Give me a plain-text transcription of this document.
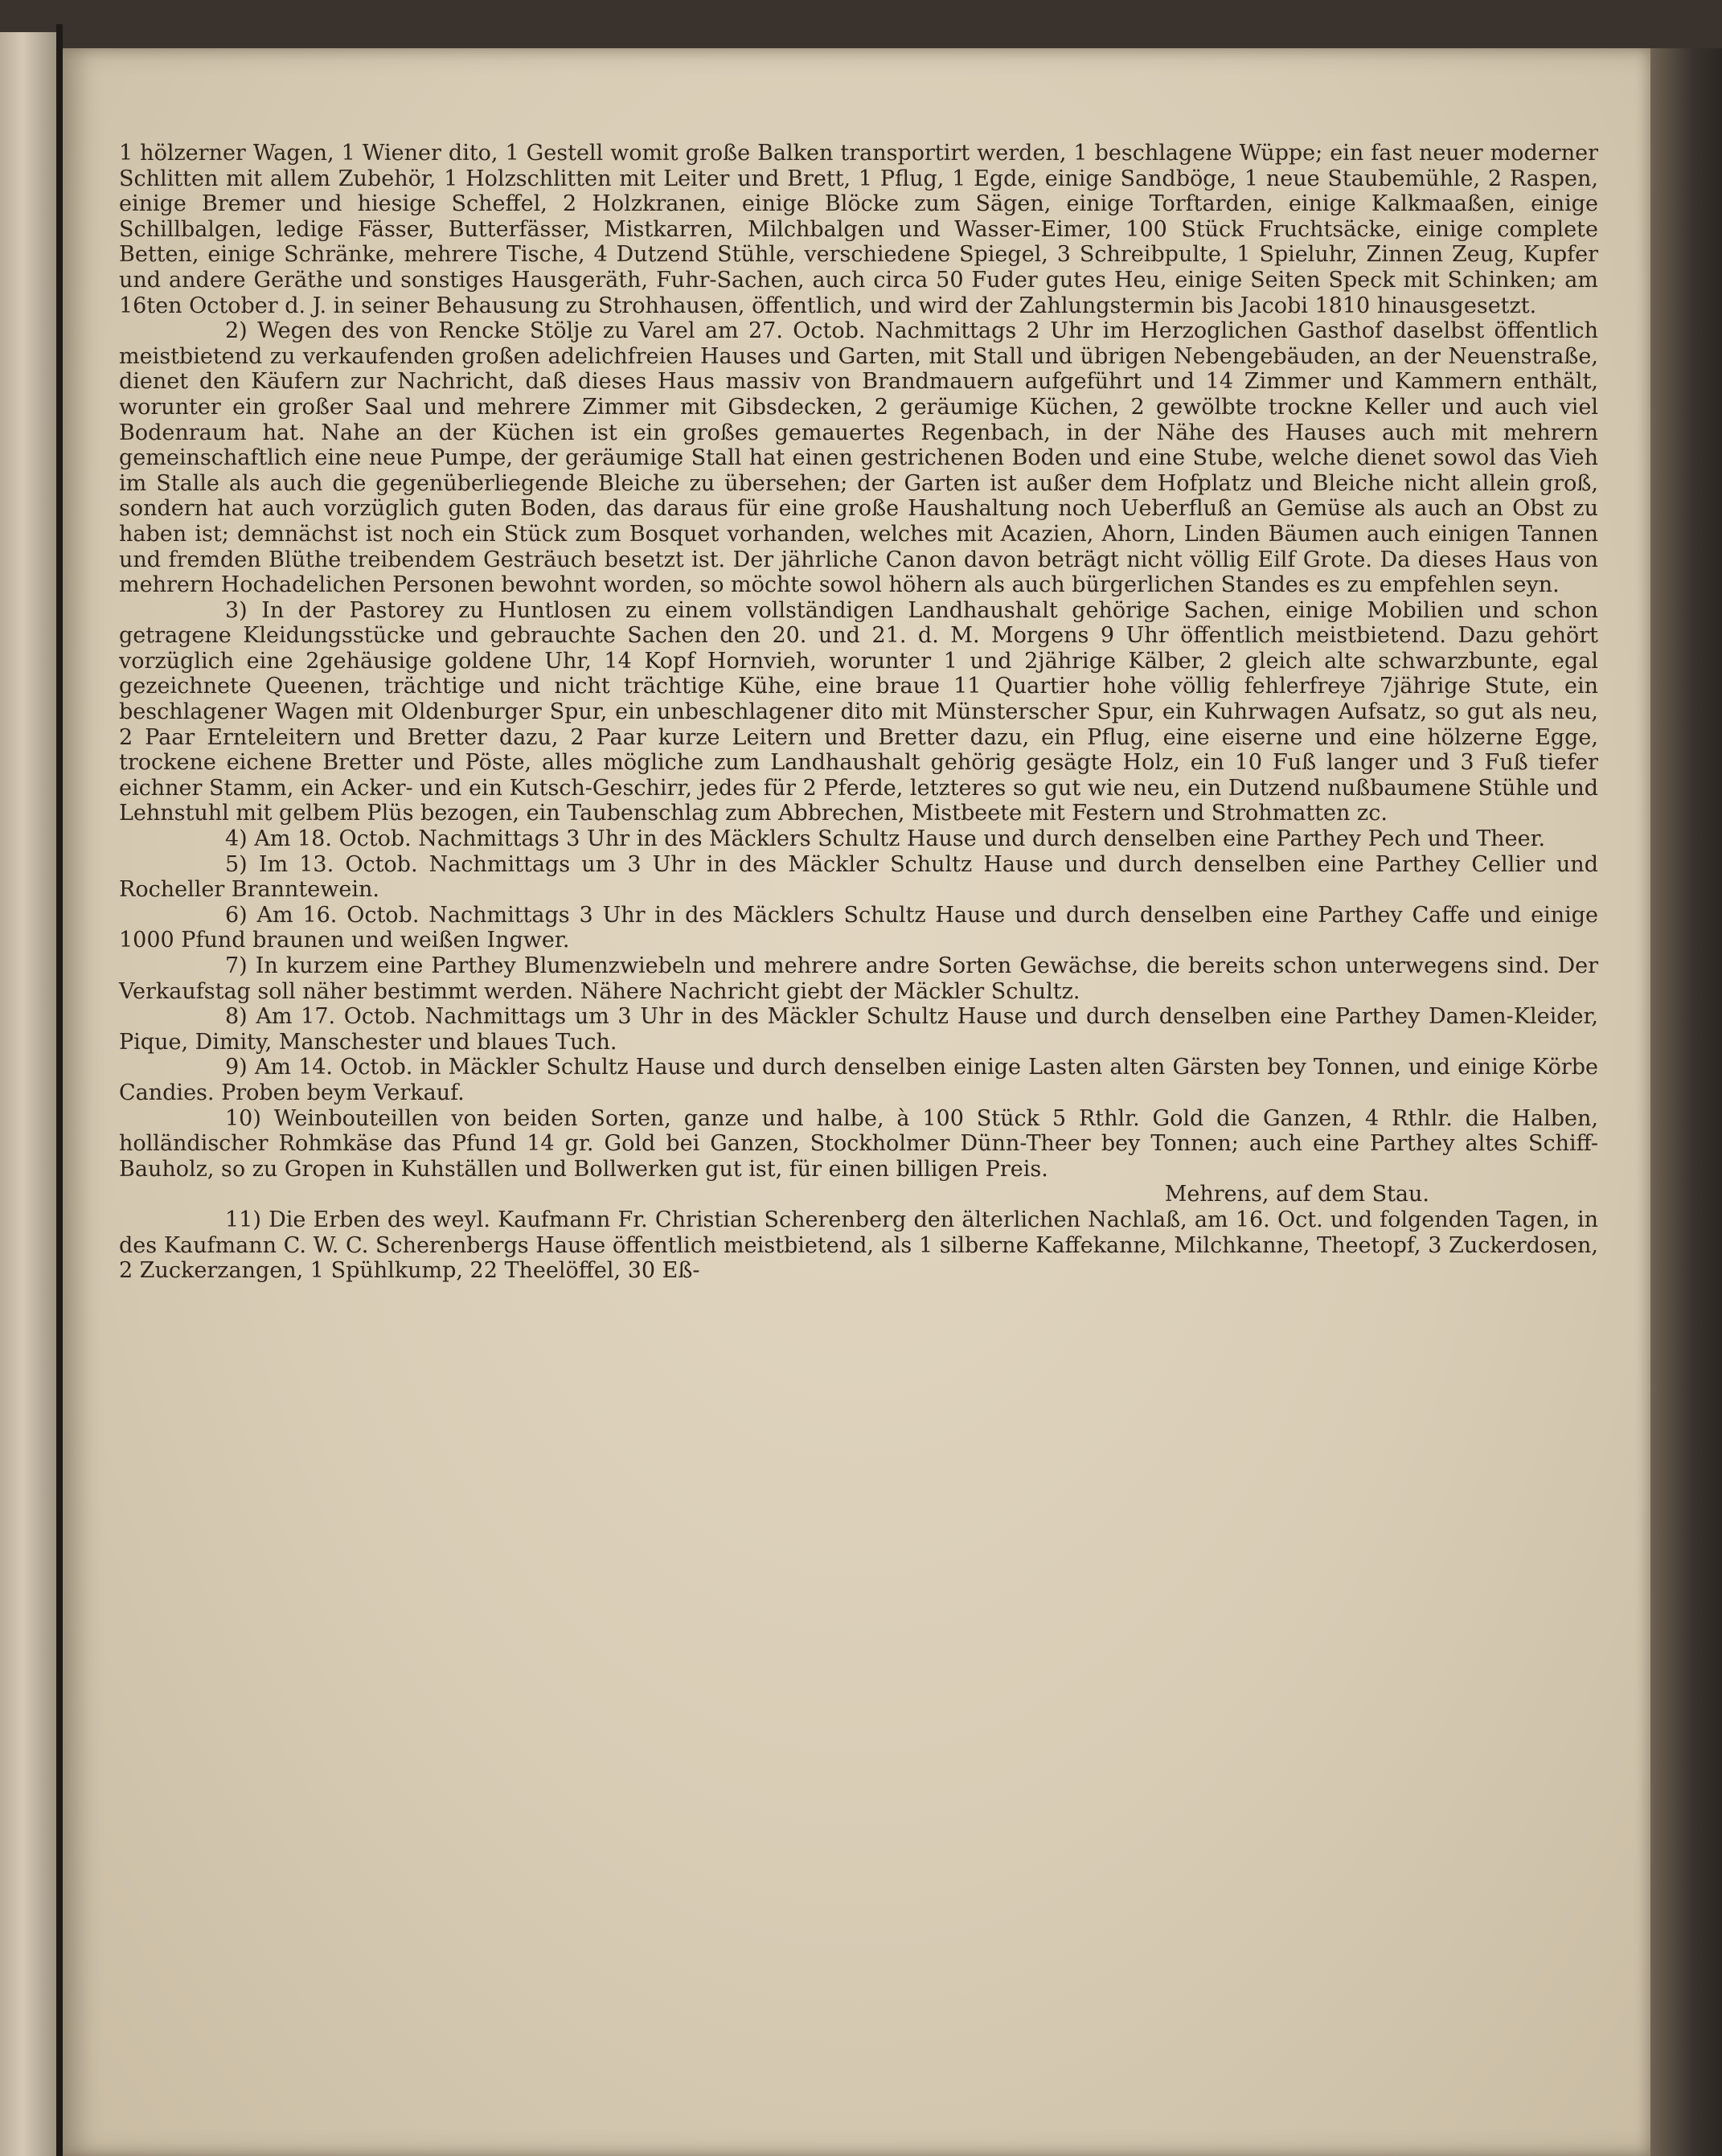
1 hölzerner Wagen, 1 Wiener dito, 1 Gestell womit große Balken transportirt werden, 1 beschlagene Wüppe; ein fast neuer moderner Schlitten mit allem Zubehör, 1 Holzschlitten mit Leiter und Brett, 1 Pflug, 1 Egde, einige Sandböge, 1 neue Staubemühle, 2 Raspen, einige Bremer und hiesige Scheffel, 2 Holzkranen, einige Blöcke zum Sägen, einige Torftarden, einige Kalkmaaßen, einige Schillbalgen, ledige Fässer, Butterfässer, Mistkarren, Milchbalgen und Wasser-Eimer, 100 Stück Fruchtsäcke, einige complete Betten, einige Schränke, mehrere Tische, 4 Dutzend Stühle, verschiedene Spiegel, 3 Schreibpulte, 1 Spieluhr, Zinnen Zeug, Kupfer und andere Geräthe und sonstiges Hausgeräth, Fuhr-Sachen, auch circa 50 Fuder gutes Heu, einige Seiten Speck mit Schinken; am 16ten October d. J. in seiner Behausung zu Strohhausen, öffentlich, und wird der Zahlungstermin bis Jacobi 1810 hinausgesetzt.

2) Wegen des von Rencke Stölje zu Varel am 27. Octob. Nachmittags 2 Uhr im Herzoglichen Gasthof daselbst öffentlich meistbietend zu verkaufenden großen adelichfreien Hauses und Garten, mit Stall und übrigen Nebengebäuden, an der Neuenstraße, dienet den Käufern zur Nachricht, daß dieses Haus massiv von Brandmauern aufgeführt und 14 Zimmer und Kammern enthält, worunter ein großer Saal und mehrere Zimmer mit Gibsdecken, 2 geräumige Küchen, 2 gewölbte trockne Keller und auch viel Bodenraum hat. Nahe an der Küchen ist ein großes gemauertes Regenbach, in der Nähe des Hauses auch mit mehrern gemeinschaftlich eine neue Pumpe, der geräumige Stall hat einen gestrichenen Boden und eine Stube, welche dienet sowol das Vieh im Stalle als auch die gegenüberliegende Bleiche zu übersehen; der Garten ist außer dem Hofplatz und Bleiche nicht allein groß, sondern hat auch vorzüglich guten Boden, das daraus für eine große Haushaltung noch Ueberfluß an Gemüse als auch an Obst zu haben ist; demnächst ist noch ein Stück zum Bosquet vorhanden, welches mit Acazien, Ahorn, Linden Bäumen auch einigen Tannen und fremden Blüthe treibendem Gesträuch besetzt ist. Der jährliche Canon davon beträgt nicht völlig Eilf Grote. Da dieses Haus von mehrern Hochadelichen Personen bewohnt worden, so möchte sowol höhern als auch bürgerlichen Standes es zu empfehlen seyn.

3) In der Pastorey zu Huntlosen zu einem vollständigen Landhaushalt gehörige Sachen, einige Mobilien und schon getragene Kleidungsstücke und gebrauchte Sachen den 20. und 21. d. M. Morgens 9 Uhr öffentlich meistbietend. Dazu gehört vorzüglich eine 2gehäusige goldene Uhr, 14 Kopf Hornvieh, worunter 1 und 2jährige Kälber, 2 gleich alte schwarzbunte, egal gezeichnete Queenen, trächtige und nicht trächtige Kühe, eine braue 11 Quartier hohe völlig fehlerfreye 7jährige Stute, ein beschlagener Wagen mit Oldenburger Spur, ein unbeschlagener dito mit Münsterscher Spur, ein Kuhrwagen Aufsatz, so gut als neu, 2 Paar Ernteleitern und Bretter dazu, 2 Paar kurze Leitern und Bretter dazu, ein Pflug, eine eiserne und eine hölzerne Egge, trockene eichene Bretter und Pöste, alles mögliche zum Landhaushalt gehörig gesägte Holz, ein 10 Fuß langer und 3 Fuß tiefer eichner Stamm, ein Acker- und ein Kutsch-Geschirr, jedes für 2 Pferde, letzteres so gut wie neu, ein Dutzend nußbaumene Stühle und Lehnstuhl mit gelbem Plüs bezogen, ein Taubenschlag zum Abbrechen, Mistbeete mit Festern und Strohmatten zc.

4) Am 18. Octob. Nachmittags 3 Uhr in des Mäcklers Schultz Hause und durch denselben eine Parthey Pech und Theer.

5) Im 13. Octob. Nachmittags um 3 Uhr in des Mäckler Schultz Hause und durch denselben eine Parthey Cellier und Rocheller Branntewein.

6) Am 16. Octob. Nachmittags 3 Uhr in des Mäcklers Schultz Hause und durch denselben eine Parthey Caffe und einige 1000 Pfund braunen und weißen Ingwer.

7) In kurzem eine Parthey Blumenzwiebeln und mehrere andre Sorten Gewächse, die bereits schon unterwegens sind. Der Verkaufstag soll näher bestimmt werden. Nähere Nachricht giebt der Mäckler Schultz.

8) Am 17. Octob. Nachmittags um 3 Uhr in des Mäckler Schultz Hause und durch denselben eine Parthey Damen-Kleider, Pique, Dimity, Manschester und blaues Tuch.

9) Am 14. Octob. in Mäckler Schultz Hause und durch denselben einige Lasten alten Gärsten bey Tonnen, und einige Körbe Candies. Proben beym Verkauf.

10) Weinbouteillen von beiden Sorten, ganze und halbe, à 100 Stück 5 Rthlr. Gold die Ganzen, 4 Rthlr. die Halben, holländischer Rohmkäse das Pfund 14 gr. Gold bei Ganzen, Stockholmer Dünn-Theer bey Tonnen; auch eine Parthey altes Schiff-Bauholz, so zu Gropen in Kuhställen und Bollwerken gut ist, für einen billigen Preis.
Mehrens, auf dem Stau.

11) Die Erben des weyl. Kaufmann Fr. Christian Scherenberg den älterlichen Nachlaß, am 16. Oct. und folgenden Tagen, in des Kaufmann C. W. C. Scherenbergs Hause öffentlich meistbietend, als 1 silberne Kaffekanne, Milchkanne, Theetopf, 3 Zuckerdosen, 2 Zuckerzangen, 1 Spühlkump, 22 Theelöffel, 30 Eß-
